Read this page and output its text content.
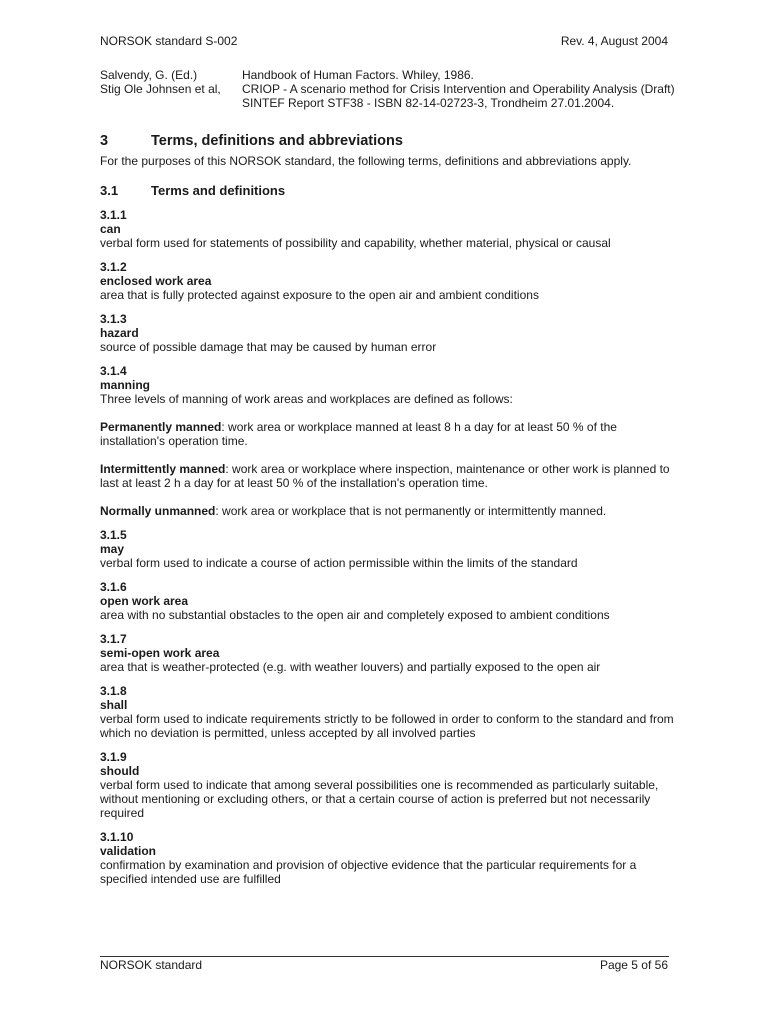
NORSOK standard S-002	Rev. 4, August 2004
Salvendy, G. (Ed.)	Handbook of Human Factors. Whiley, 1986.
Stig Ole Johnsen et al,	CRIOP - A scenario method for Crisis Intervention and Operability Analysis (Draft) SINTEF Report STF38 - ISBN 82-14-02723-3, Trondheim 27.01.2004.
3	Terms, definitions and abbreviations
For the purposes of this NORSOK standard, the following terms, definitions and abbreviations apply.
3.1	Terms and definitions
3.1.1
can
verbal form used for statements of possibility and capability, whether material, physical or causal
3.1.2
enclosed work area
area that is fully protected against exposure to the open air and ambient conditions
3.1.3
hazard
source of possible damage that may be caused by human error
3.1.4
manning
Three levels of manning of work areas and workplaces are defined as follows:
Permanently manned: work area or workplace manned at least 8 h a day for at least 50 % of the installation's operation time.
Intermittently manned: work area or workplace where inspection, maintenance or other work is planned to last at least 2 h a day for at least 50 % of the installation's operation time.
Normally unmanned: work area or workplace that is not permanently or intermittently manned.
3.1.5
may
verbal form used to indicate a course of action permissible within the limits of the standard
3.1.6
open work area
area with no substantial obstacles to the open air and completely exposed to ambient conditions
3.1.7
semi-open work area
area that is weather-protected (e.g. with weather louvers) and partially exposed to the open air
3.1.8
shall
verbal form used to indicate requirements strictly to be followed in order to conform to the standard and from which no deviation is permitted, unless accepted by all involved parties
3.1.9
should
verbal form used to indicate that among several possibilities one is recommended as particularly suitable, without mentioning or excluding others, or that a certain course of action is preferred but not necessarily required
3.1.10
validation
confirmation by examination and provision of objective evidence that the particular requirements for a specified intended use are fulfilled
NORSOK standard	Page 5 of 56
